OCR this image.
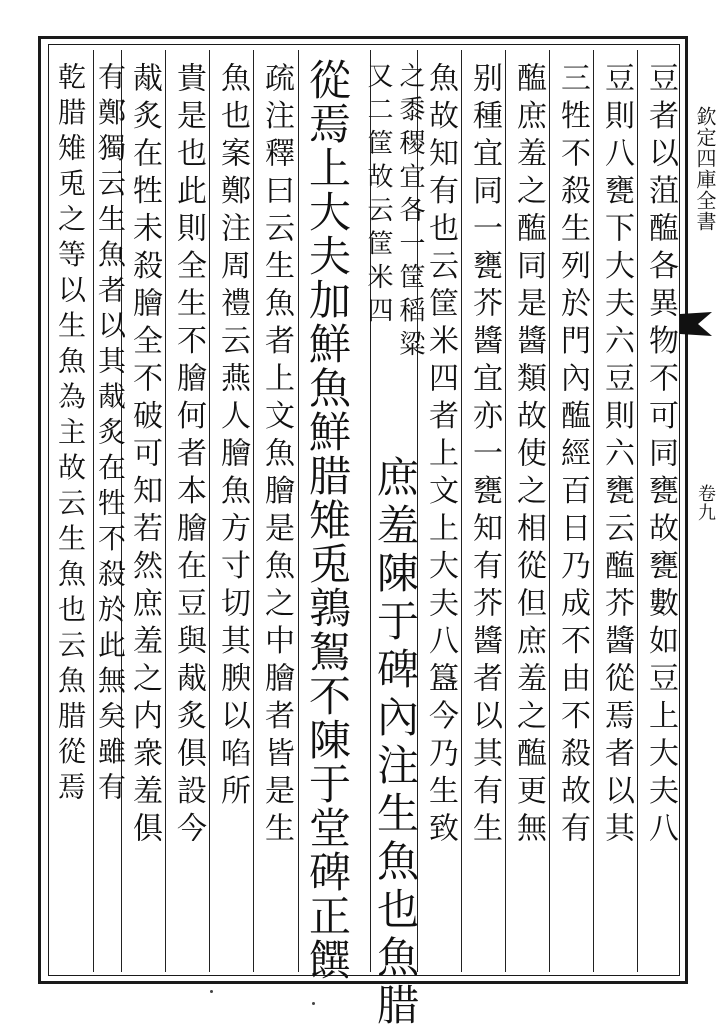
欽定四庫全書
卷九
豆者以菹醢各異物不可同甕故甕數如豆上大夫八
豆則八甕下大夫六豆則六甕云醢芥醬從焉者以其
三牲不殺生列於門內醢經百日乃成不由不殺故有
醢庶羞之醢同是醬類故使之相從但庶羞之醢更無
别種宜同一甕芥醬宜亦一甕知有芥醬者以其有生
魚故知有也云筐米四者上文上大夫八簋今乃生致
之黍稷宜各一筐稻粱
又二筐故云筐米四
庶羞陳于碑內注生魚也魚腊
從焉上大夫加鮮魚鮮腊雉兎鶉鴽不陳于堂碑正饌
疏注釋曰云生魚者上文魚膾是魚之中膾者皆是生
魚也案鄭注周禮云燕人膾魚方寸切其腴以啗所
貴是也此則全生不膾何者本膾在豆與胾炙俱設今
胾炙在牲未殺膾全不破可知若然庶羞之内衆羞俱
有鄭獨云生魚者以其胾炙在牲不殺於此無矣雖有
乾腊雉兎之等以生魚為主故云生魚也云魚腊從焉
